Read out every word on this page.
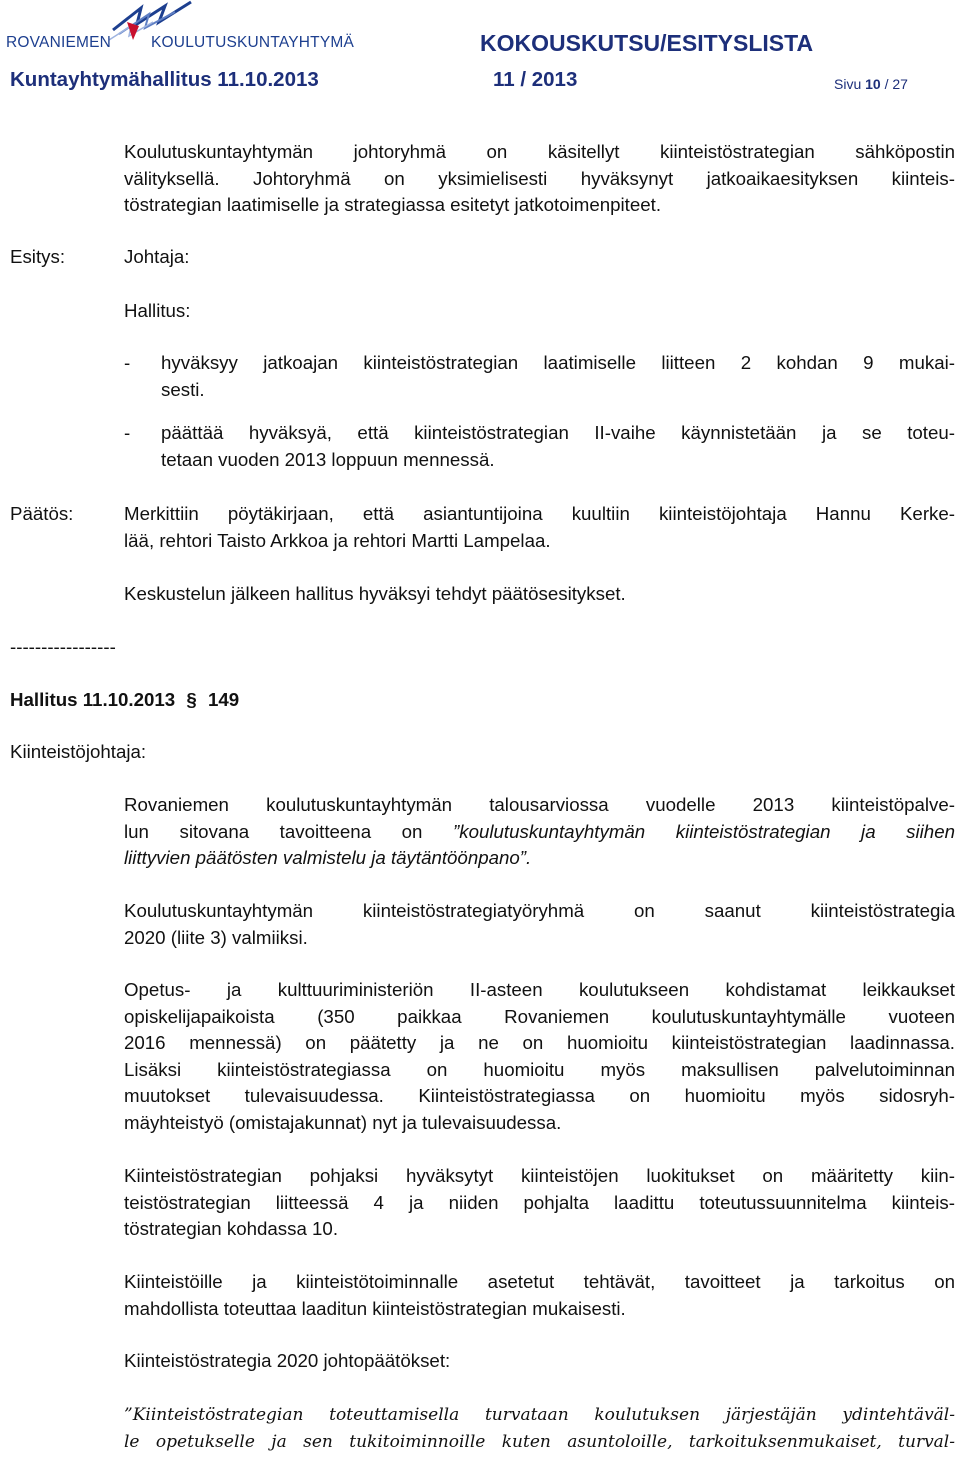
ROVANIEMEN	KOULUTUSKUNTAYHTYMÄ	KOKOUSKUTSU/ESITYSLISTA
Kuntayhtymähallitus 11.10.2013	11 / 2013	Sivu 10 / 27
Koulutuskuntayhtymän johtoryhmä on käsitellyt kiinteistöstrategian sähköpostin
välityksellä. Johtoryhmä on yksimielisesti hyväksynyt jatkoaikaesityksen kiinteis-
töstrategian laatimiselle ja strategiassa esitetyt jatkotoimenpiteet.
Esitys:	Johtaja:
Hallitus:
- hyväksyy jatkoajan kiinteistöstrategian laatimiselle liitteen 2 kohdan 9 mukai-
sesti.
- päättää hyväksyä, että kiinteistöstrategian II-vaihe käynnistetään ja se toteu-
tetaan vuoden 2013 loppuun mennessä.
Päätös:	Merkittiin pöytäkirjaan, että asiantuntijoina kuultiin kiinteistöjohtaja Hannu Kerke-
lää, rehtori Taisto Arkkoa ja rehtori Martti Lampelaa.
Keskustelun jälkeen hallitus hyväksyi tehdyt päätösesitykset.
-----------------
Hallitus 11.10.2013 § 149
Kiinteistöjohtaja:
Rovaniemen koulutuskuntayhtymän talousarviossa vuodelle 2013 kiinteistöpalve-
lun sitovana tavoitteena on ”koulutuskuntayhtymän kiinteistöstrategian ja siihen
liittyvien päätösten valmistelu ja täytäntöönpano”.
Koulutuskuntayhtymän kiinteistöstrategiatyöryhmä on saanut kiinteistöstrategia
2020 (liite 3) valmiiksi.
Opetus- ja kulttuuriministeriön II-asteen koulutukseen kohdistamat leikkaukset
opiskelijapaikoista (350 paikkaa Rovaniemen koulutuskuntayhtymälle vuoteen
2016 mennessä) on päätetty ja ne on huomioitu kiinteistöstrategian laadinnassa.
Lisäksi kiinteistöstrategiassa on huomioitu myös maksullisen palvelutoiminnan
muutokset tulevaisuudessa. Kiinteistöstrategiassa on huomioitu myös sidosryh-
mäyhteistyö (omistajakunnat) nyt ja tulevaisuudessa.
Kiinteistöstrategian pohjaksi hyväksytyt kiinteistöjen luokitukset on määritetty kiin-
teistöstrategian liitteessä 4 ja niiden pohjalta laadittu toteutussuunnitelma kiinteis-
töstrategian kohdassa 10.
Kiinteistöille ja kiinteistötoiminnalle asetetut tehtävät, tavoitteet ja tarkoitus on
mahdollista toteuttaa laaditun kiinteistöstrategian mukaisesti.
Kiinteistöstrategia 2020 johtopäätökset:
”Kiinteistöstrategian toteuttamisella turvataan koulutuksen järjestäjän ydintehtäväl-
le opetukselle ja sen tukitoiminnoille kuten asuntoloille, tarkoituksenmukaiset, turval-
